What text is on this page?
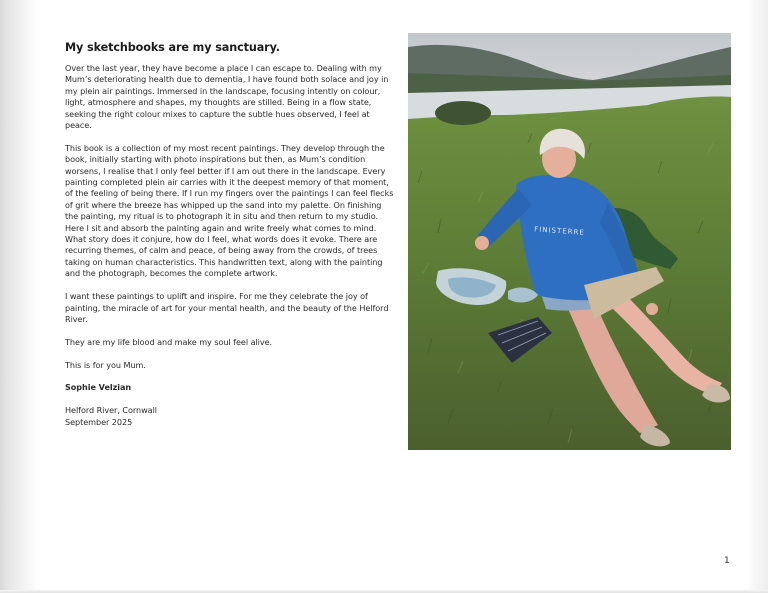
My sketchbooks are my sanctuary.

Over the last year, they have become a place I can escape to. Dealing with my Mum’s deteriorating health due to dementia, I have found both solace and joy in my plein air paintings. Immersed in the landscape, focusing intently on colour, light, atmosphere and shapes, my thoughts are stilled. Being in a flow state, seeking the right colour mixes to capture the subtle hues observed, I feel at peace.

This book is a collection of my most recent paintings. They develop through the book, initially starting with photo inspirations but then, as Mum’s condition worsens, I realise that I only feel better if I am out there in the landscape. Every painting completed plein air carries with it the deepest memory of that moment, of the feeling of being there. If I run my fingers over the paintings I can feel flecks of grit where the breeze has whipped up the sand into my palette. On finishing the painting, my ritual is to photograph it in situ and then return to my studio. Here I sit and absorb the painting again and write freely what comes to mind. What story does it conjure, how do I feel, what words does it evoke. There are recurring themes, of calm and peace, of being away from the crowds, of trees taking on human characteristics. This handwritten text, along with the painting and the photograph, becomes the complete artwork.

I want these paintings to uplift and inspire. For me they celebrate the joy of painting, the miracle of art for your mental health, and the beauty of the Helford River.

They are my life blood and make my soul feel alive.

This is for you Mum.

Sophie Velzian

Helford River, Cornwall

September 2025

FINISTERRE
1
